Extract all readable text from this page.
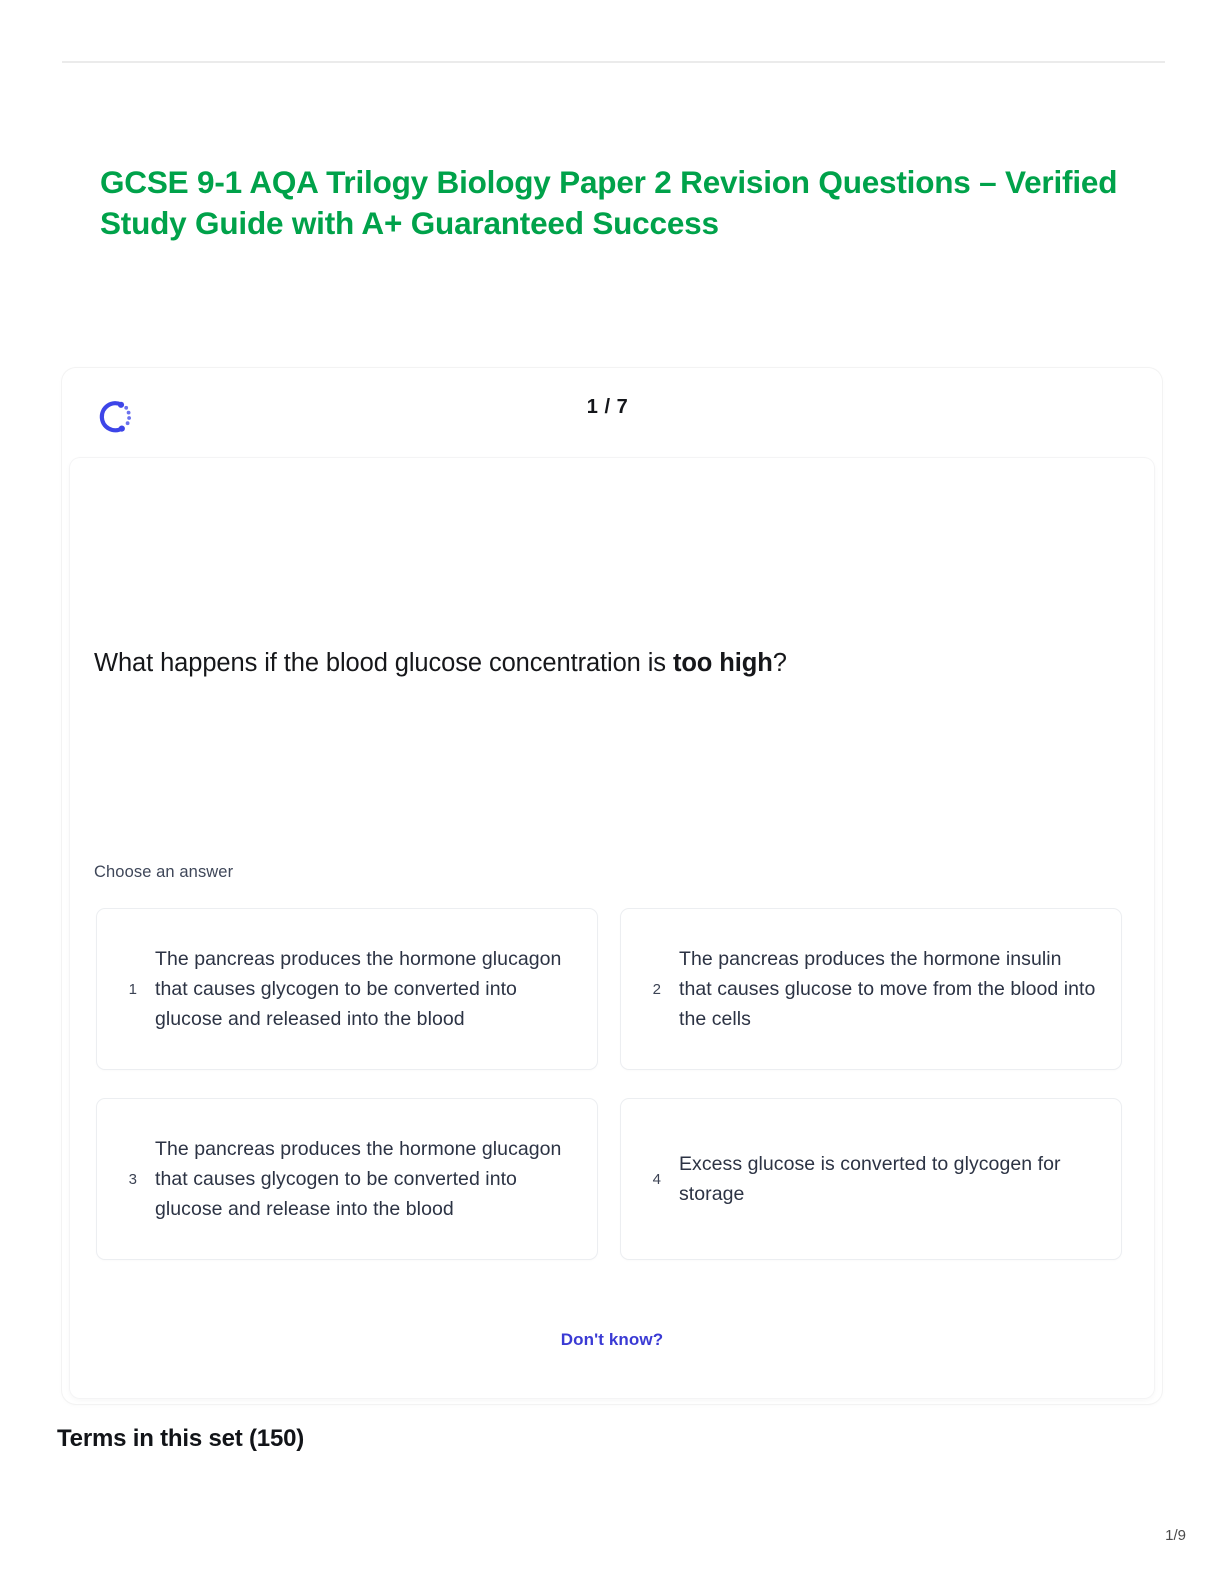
GCSE 9-1 AQA Trilogy Biology Paper 2 Revision Questions – Verified Study Guide with A+ Guaranteed Success
1 / 7
What happens if the blood glucose concentration is too high?
Choose an answer
1
The pancreas produces the hormone glucagon that causes glycogen to be converted into glucose and released into the blood
2
The pancreas produces the hormone insulin that causes glucose to move from the blood into the cells
3
The pancreas produces the hormone glucagon that causes glycogen to be converted into glucose and release into the blood
4
Excess glucose is converted to glycogen for storage
Don't know?
Terms in this set (150)
1/9
